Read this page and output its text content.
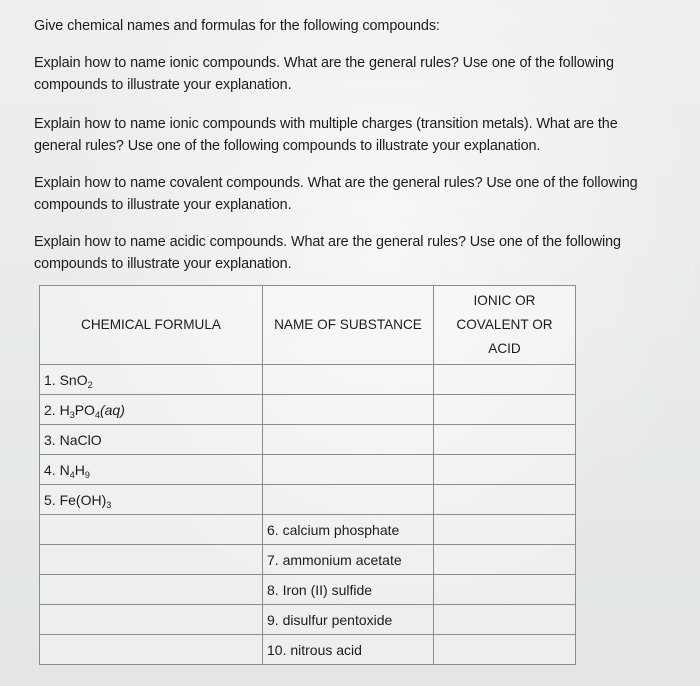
Give chemical names and formulas for the following compounds:
Explain how to name ionic compounds. What are the general rules? Use one of the following
compounds to illustrate your explanation.
Explain how to name ionic compounds with multiple charges (transition metals). What are the
general rules? Use one of the following compounds to illustrate your explanation.
Explain how to name covalent compounds. What are the general rules? Use one of the following
compounds to illustrate your explanation.
Explain how to name acidic compounds. What are the general rules? Use one of the following
compounds to illustrate your explanation.
CHEMICAL FORMULA	NAME OF SUBSTANCE	IONIC OR
COVALENT OR
ACID

1. SnO$_2$

2. $H_3PO_4(aq)$		

3. NaClO		

4. $N_4H_9$

5. $Fe(OH)_3$

	6. calcium phosphate	

	7. ammonium acetate	

	8. Iron (II) sulfide	

	9. disulfur pentoxide	

	10. nitrous acid	
